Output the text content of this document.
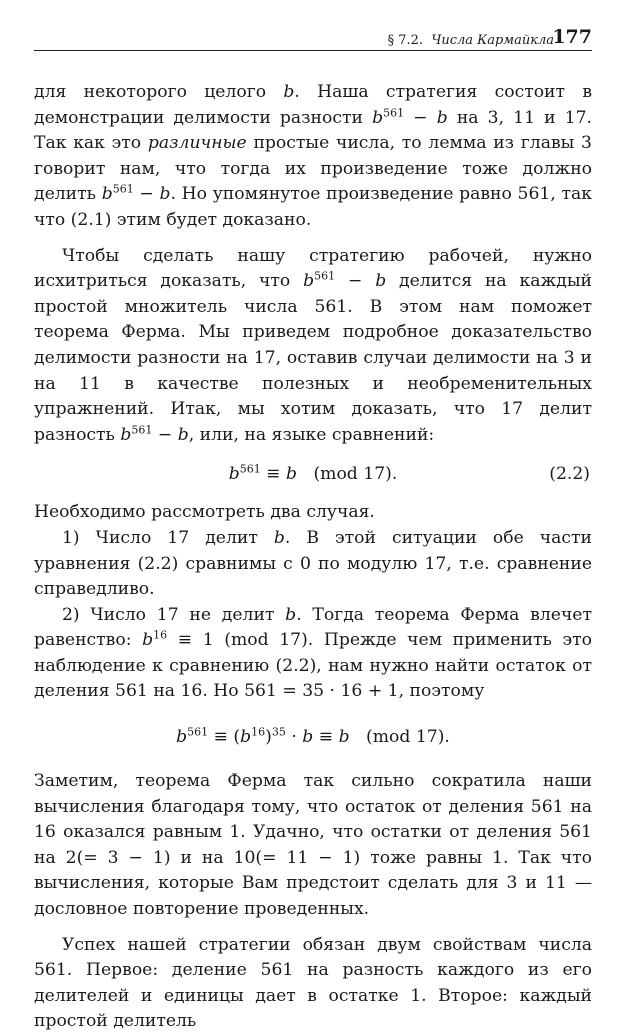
§ 7.2. Числа Кармайкла
177

для некоторого целого b. Наша стратегия состоит в демонстрации делимости разности $b^{561} - b$ на 3, 11 и 17. Так как это различные простые числа, то лемма из главы 3 говорит нам, что тогда их произведение тоже должно делить $b^{561} - b$. Но упомянутое произведение равно 561, так что (2.1) этим будет доказано.

Чтобы сделать нашу стратегию рабочей, нужно исхитриться доказать, что $b^{561} - b$ делится на каждый простой множитель числа 561. В этом нам поможет теорема Ферма. Мы приведем подробное доказательство делимости разности на 17, оставив случаи делимости на 3 и на 11 в качестве полезных и необременительных упражнений. Итак, мы хотим доказать, что 17 делит разность $b^{561} - b$, или, на языке сравнений:

$b^{561} \equiv b$ (mod 17).	(2.2)

Необходимо рассмотреть два случая.

1) Число 17 делит b. В этой ситуации обе части уравнения (2.2) сравнимы с 0 по модулю 17, т.е. сравнение справедливо.

2) Число 17 не делит b. Тогда теорема Ферма влечет равенство: $b^{16} \equiv 1$ (mod 17). Прежде чем применить это наблюдение к сравнению (2.2), нам нужно найти остаток от деления 561 на 16. Но 561 = 35 · 16 + 1, поэтому

$b^{561} \equiv (b^{16})^{35} \cdot b \equiv b$ (mod 17).

Заметим, теорема Ферма так сильно сократила наши вычисления благодаря тому, что остаток от деления 561 на 16 оказался равным 1. Удачно, что остатки от деления 561 на 2(= 3 − 1) и на 10(= 11 − 1) тоже равны 1. Так что вычисления, которые Вам предстоит сделать для 3 и 11 — дословное повторение проведенных.

Успех нашей стратегии обязан двум свойствам числа 561. Первое: деление 561 на разность каждого из его делителей и единицы дает в остатке 1. Второе: каждый простой делитель
